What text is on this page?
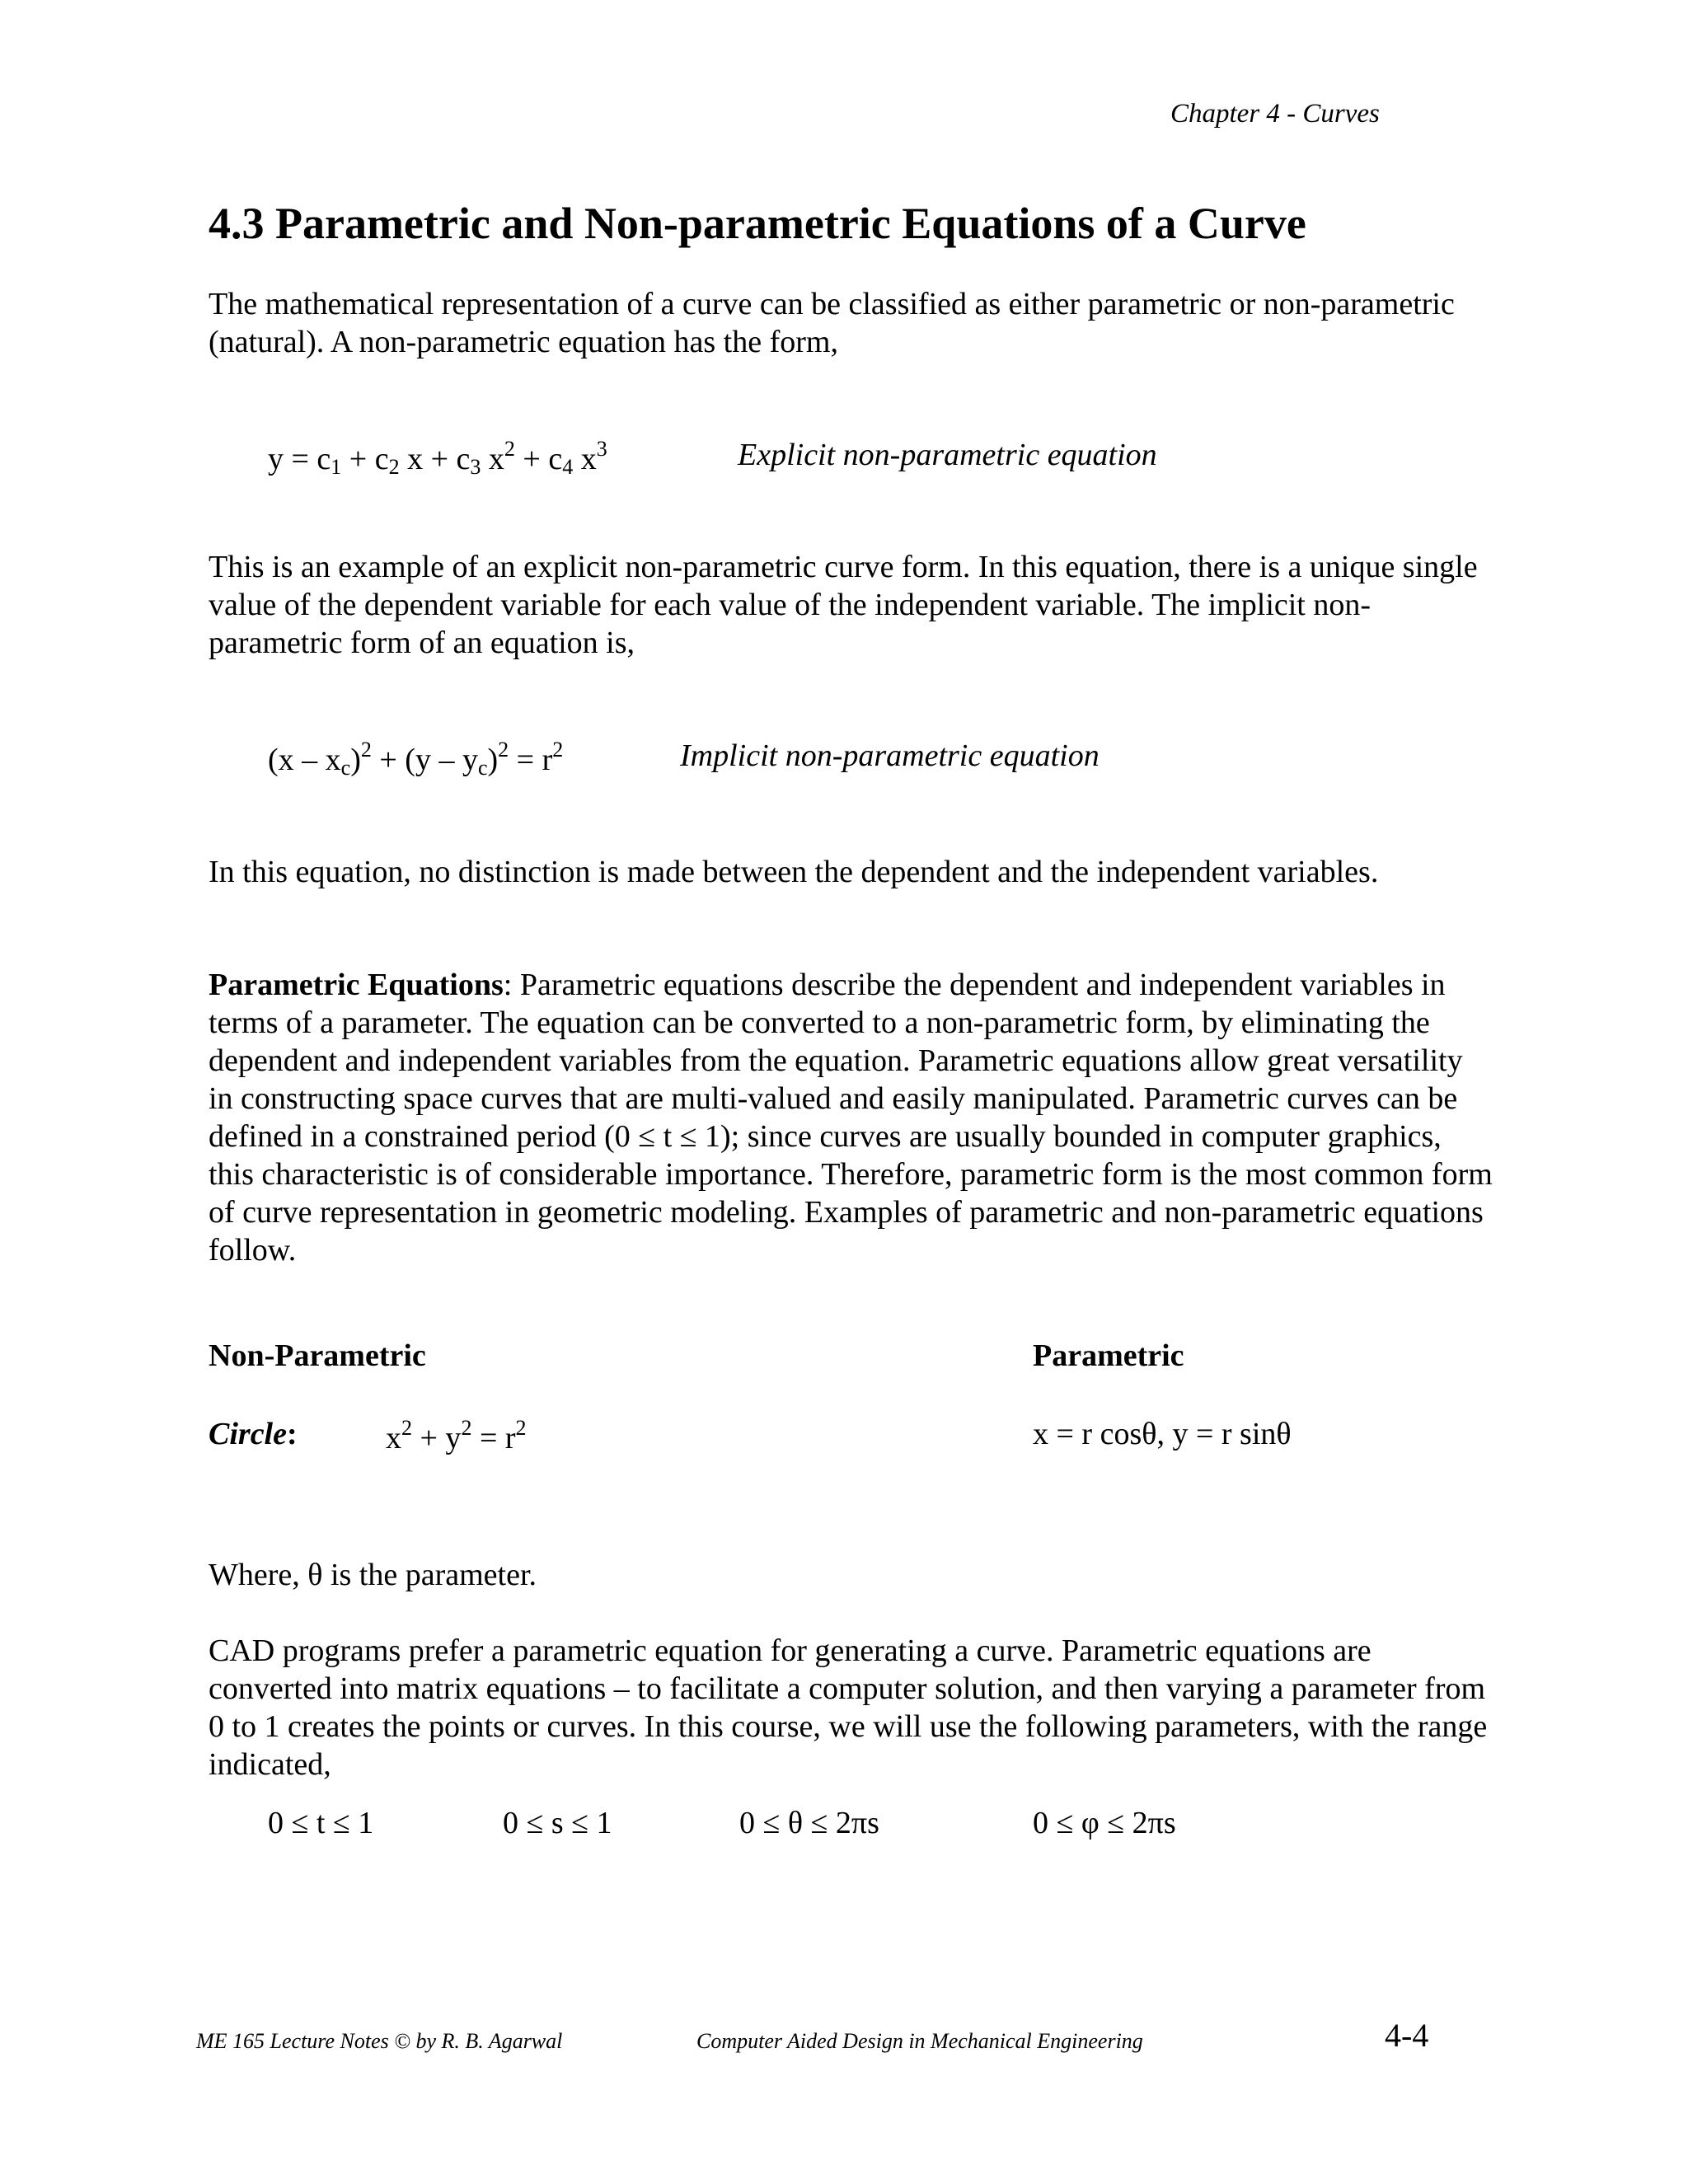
Chapter 4 - Curves
4.3 Parametric and Non-parametric Equations of a Curve
The mathematical representation of a curve can be classified as either parametric or non-parametric (natural). A non-parametric equation has the form,
$y = c_1 + c_2$ $x + c_3$ $x^2 + c_4$ $x^3$	Explicit non-parametric equation
This is an example of an explicit non-parametric curve form. In this equation, there is a unique single value of the dependent variable for each value of the independent variable. The implicit non-parametric form of an equation is,
$(x - x_c)^2 + (y - y_c)^2 = r^2$	Implicit non-parametric equation
In this equation, no distinction is made between the dependent and the independent variables.
Parametric Equations: Parametric equations describe the dependent and independent variables in terms of a parameter. The equation can be converted to a non-parametric form, by eliminating the dependent and independent variables from the equation. Parametric equations allow great versatility in constructing space curves that are multi-valued and easily manipulated. Parametric curves can be defined in a constrained period (0 ≤ t ≤ 1); since curves are usually bounded in computer graphics, this characteristic is of considerable importance. Therefore, parametric form is the most common form of curve representation in geometric modeling. Examples of parametric and non-parametric equations follow.
Non-Parametric	Parametric
Circle:	$x^2 + y^2 = r^2$	x = r cosθ, y = r sinθ
Where, θ is the parameter.
CAD programs prefer a parametric equation for generating a curve. Parametric equations are converted into matrix equations – to facilitate a computer solution, and then varying a parameter from 0 to 1 creates the points or curves. In this course, we will use the following parameters, with the range indicated,
0 ≤ t ≤ 1	0 ≤ s ≤ 1	0 ≤ θ ≤ 2πs	0 ≤ φ ≤ 2πs
ME 165 Lecture Notes © by R. B. Agarwal	Computer Aided Design in Mechanical Engineering	4-4
